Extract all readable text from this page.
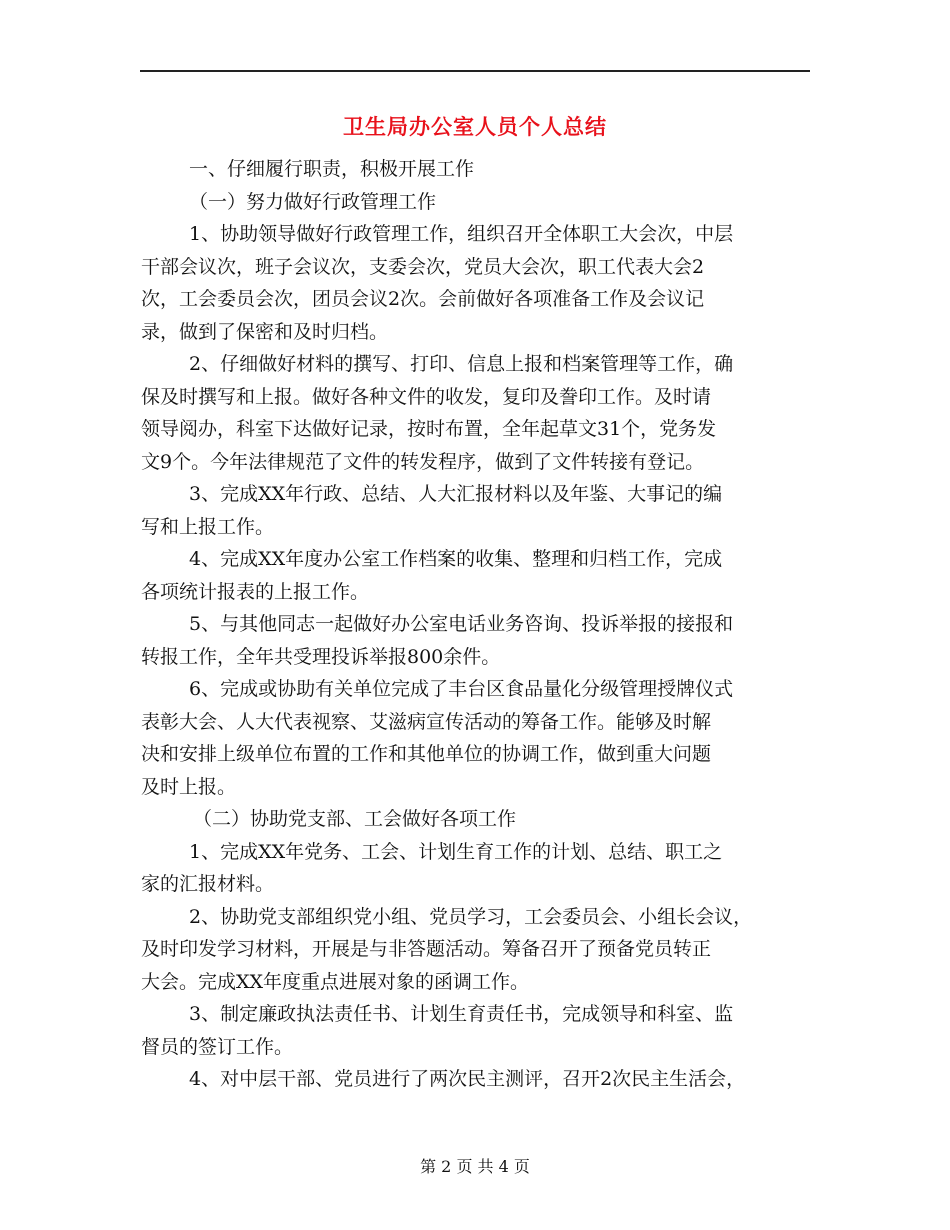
卫生局办公室人员个人总结
一、仔细履行职责，积极开展工作
（一）努力做好行政管理工作
1、协助领导做好行政管理工作，组织召开全体职工大会次，中层
干部会议次，班子会议次，支委会次，党员大会次，职工代表大会2
次，工会委员会次，团员会议2次。会前做好各项准备工作及会议记
录，做到了保密和及时归档。
2、仔细做好材料的撰写、打印、信息上报和档案管理等工作，确
保及时撰写和上报。做好各种文件的收发，复印及誊印工作。及时请
领导阅办，科室下达做好记录，按时布置，全年起草文31个，党务发
文9个。今年法律规范了文件的转发程序，做到了文件转接有登记。
3、完成XX年行政、总结、人大汇报材料以及年鉴、大事记的编
写和上报工作。
4、完成XX年度办公室工作档案的收集、整理和归档工作，完成
各项统计报表的上报工作。
5、与其他同志一起做好办公室电话业务咨询、投诉举报的接报和
转报工作，全年共受理投诉举报800余件。
6、完成或协助有关单位完成了丰台区食品量化分级管理授牌仪式
表彰大会、人大代表视察、艾滋病宣传活动的筹备工作。能够及时解
决和安排上级单位布置的工作和其他单位的协调工作，做到重大问题
及时上报。
（二）协助党支部、工会做好各项工作
1、完成XX年党务、工会、计划生育工作的计划、总结、职工之
家的汇报材料。
2、协助党支部组织党小组、党员学习，工会委员会、小组长会议，
及时印发学习材料，开展是与非答题活动。筹备召开了预备党员转正
大会。完成XX年度重点进展对象的函调工作。
3、制定廉政执法责任书、计划生育责任书，完成领导和科室、监
督员的签订工作。
4、对中层干部、党员进行了两次民主测评，召开2次民主生活会，
第 2 页 共 4 页
